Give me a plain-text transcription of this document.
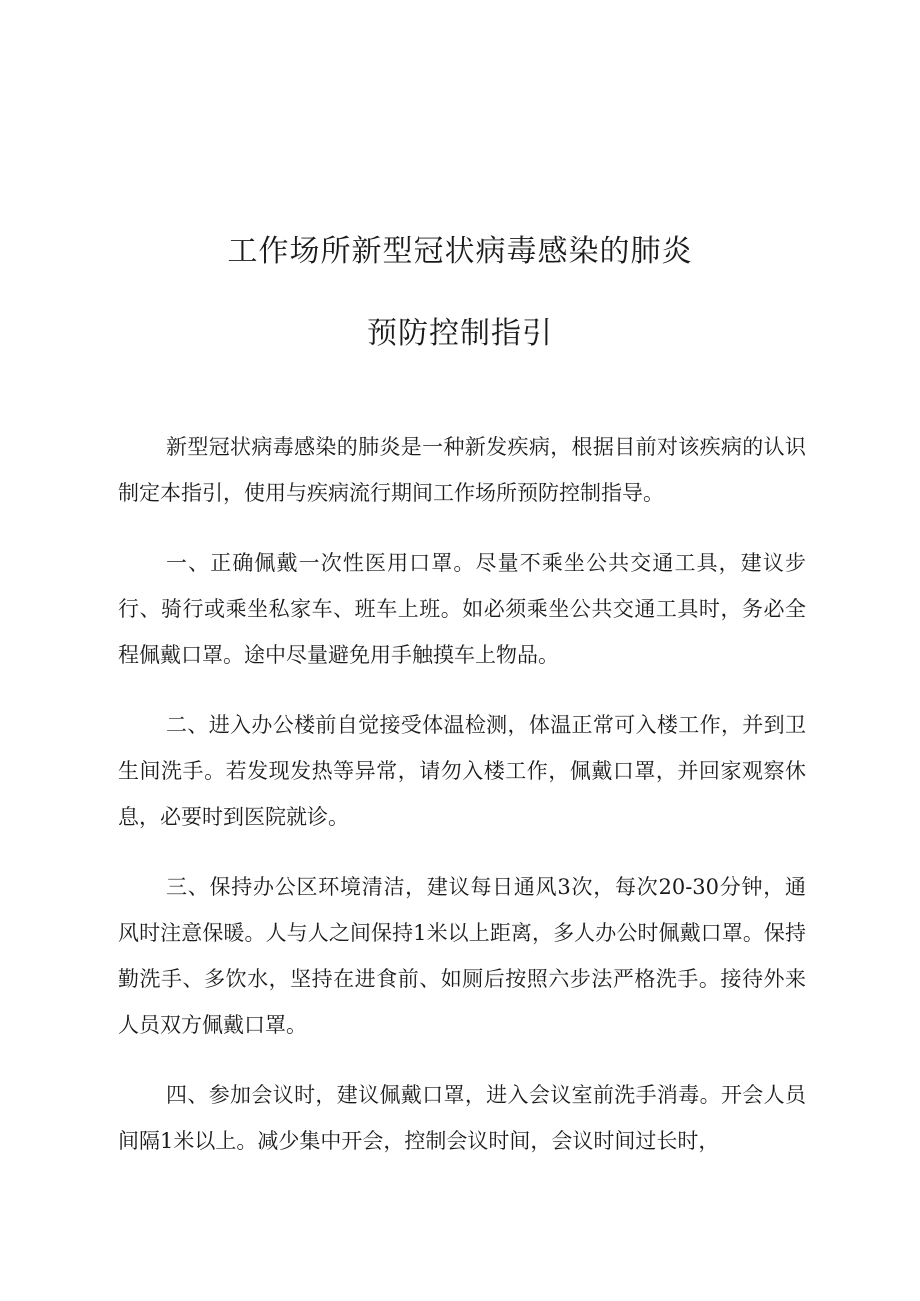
工作场所新型冠状病毒感染的肺炎
预防控制指引

新型冠状病毒感染的肺炎是一种新发疾病，根据目前对该疾病的认识制定本指引，使用与疾病流行期间工作场所预防控制指导。

一、正确佩戴一次性医用口罩。尽量不乘坐公共交通工具，建议步行、骑行或乘坐私家车、班车上班。如必须乘坐公共交通工具时，务必全程佩戴口罩。途中尽量避免用手触摸车上物品。

二、进入办公楼前自觉接受体温检测，体温正常可入楼工作，并到卫生间洗手。若发现发热等异常，请勿入楼工作，佩戴口罩，并回家观察休息，必要时到医院就诊。

三、保持办公区环境清洁，建议每日通风3次，每次20-30分钟，通风时注意保暖。人与人之间保持1米以上距离，多人办公时佩戴口罩。保持勤洗手、多饮水，坚持在进食前、如厕后按照六步法严格洗手。接待外来人员双方佩戴口罩。

四、参加会议时，建议佩戴口罩，进入会议室前洗手消毒。开会人员间隔1米以上。减少集中开会，控制会议时间，会议时间过长时，
